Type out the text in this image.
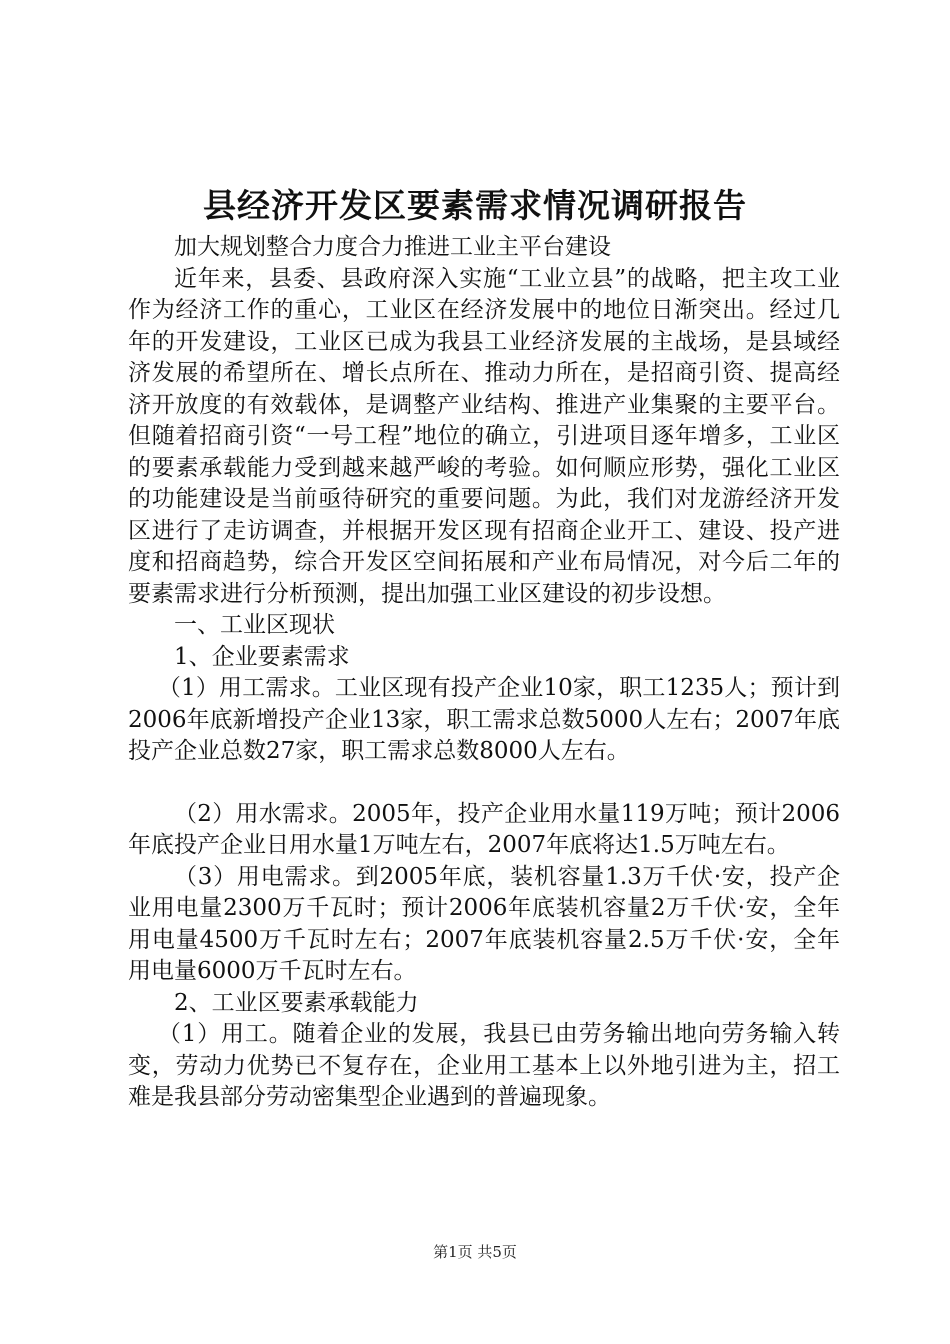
县经济开发区要素需求情况调研报告

加大规划整合力度合力推进工业主平台建设

近年来，县委、县政府深入实施“工业立县”的战略，把主攻工业作为经济工作的重心，工业区在经济发展中的地位日渐突出。经过几年的开发建设，工业区已成为我县工业经济发展的主战场，是县域经济发展的希望所在、增长点所在、推动力所在，是招商引资、提高经济开放度的有效载体，是调整产业结构、推进产业集聚的主要平台。但随着招商引资“一号工程”地位的确立，引进项目逐年增多，工业区的要素承载能力受到越来越严峻的考验。如何顺应形势，强化工业区的功能建设是当前亟待研究的重要问题。为此，我们对龙游经济开发区进行了走访调查，并根据开发区现有招商企业开工、建设、投产进度和招商趋势，综合开发区空间拓展和产业布局情况，对今后二年的要素需求进行分析预测，提出加强工业区建设的初步设想。

一、工业区现状

1、企业要素需求

（1）用工需求。工业区现有投产企业10家，职工1235人；预计到2006年底新增投产企业13家，职工需求总数5000人左右；2007年底投产企业总数27家，职工需求总数8000人左右。

（2）用水需求。2005年，投产企业用水量119万吨；预计2006年底投产企业日用水量1万吨左右，2007年底将达1.5万吨左右。

（3）用电需求。到2005年底，装机容量1.3万千伏·安，投产企业用电量2300万千瓦时；预计2006年底装机容量2万千伏·安，全年用电量4500万千瓦时左右；2007年底装机容量2.5万千伏·安，全年用电量6000万千瓦时左右。

2、工业区要素承载能力

（1）用工。随着企业的发展，我县已由劳务输出地向劳务输入转变，劳动力优势已不复存在，企业用工基本上以外地引进为主，招工难是我县部分劳动密集型企业遇到的普遍现象。

第1页 共5页
